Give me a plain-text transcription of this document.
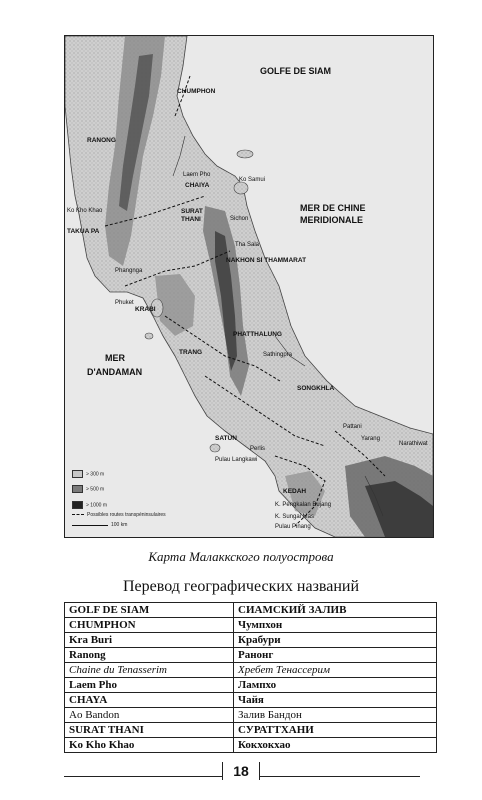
GOLFE DE SIAM
MER DE CHINE
MERIDIONALE
MER
D'ANDAMAN
CHUMPHON
RANONG
Laem Pho
CHAIYA
Ko Kho Khao
TAKUA PA
SURAT
THANI	Sichon
Tha Sala
NAKHON SI THAMMARAT
Phangnga
Phuket
KRABI
PHATTHALUNG
TRANG	Sathingpra
SONGKHLA
Pattani
Yarang
Narathiwat
SATUN
Perlis
Pulau Langkawi
KEDAH
K. Pengkalan Bujang
K. Sungai Mas
Pulau Pinang
Ko Samui
> 300 m
> 500 m
> 1000 m
Possibles routes transpéninsulaires
100 km
Карта Малаккского полуострова
Перевод географических названий
GOLF DE SIAM	СИАМСКИЙ ЗАЛИВ
CHUMPHON	Чумпхон
Kra Buri	Крабури
Ranong	Ранонг
Chaine du Tenasserim	Хребет Тенассерим
Laem Pho	Лампхо
CHAYA	Чайя
Ao Bandon	Залив Бандон
SURAT THANI	СУРАТТХАНИ
Ko Kho Khao	Кокхокхао
18
